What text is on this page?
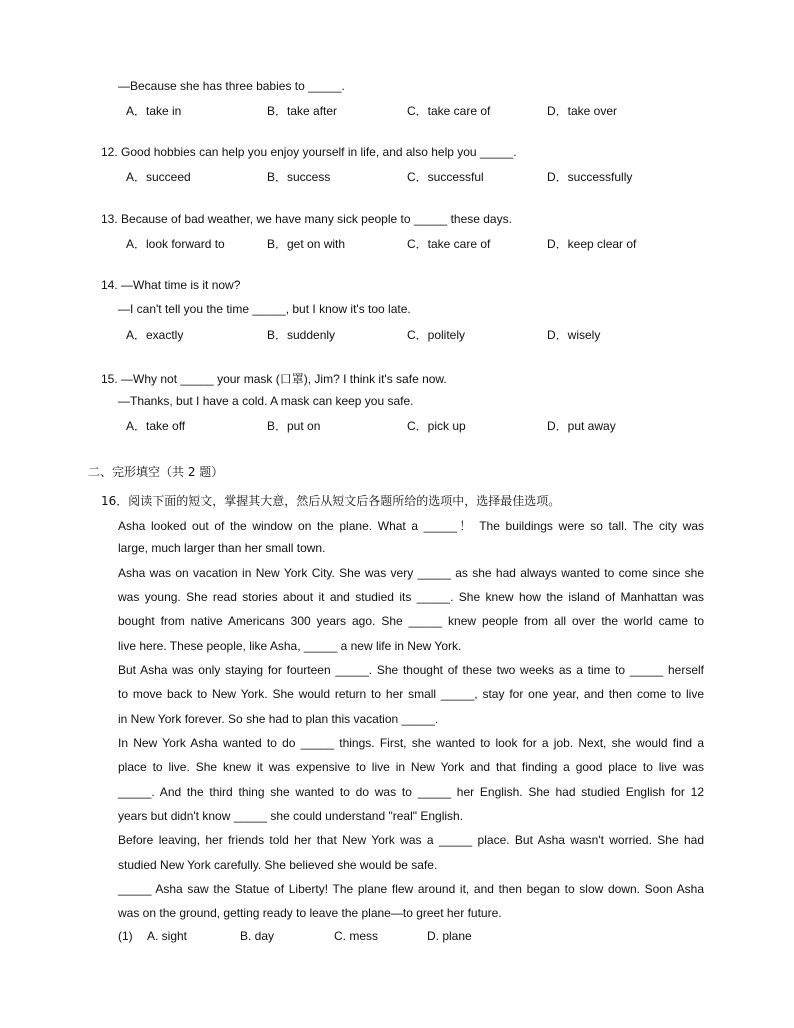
—Because she has three babies to _____.
A．take in	B．take after	C．take care of	D．take over
12. Good hobbies can help you enjoy yourself in life, and also help you _____.
A．succeed	B．success	C．successful	D．successfully
13. Because of bad weather, we have many sick people to _____ these days.
A．look forward to	B．get on with	C．take care of	D．keep clear of
14. —What time is it now?
—I can't tell you the time _____, but I know it's too late.
A．exactly	B．suddenly	C．politely	D．wisely
15. —Why not _____ your mask (口罩), Jim? I think it's safe now.
—Thanks, but I have a cold. A mask can keep you safe.
A．take off	B．put on	C．pick up	D．put away
二、完形填空（共 2 题）
16．阅读下面的短文，掌握其大意，然后从短文后各题所给的选项中，选择最佳选项。
Asha looked out of the window on the plane. What a _____！ The buildings were so tall. The city was
large, much larger than her small town.
Asha was on vacation in New York City. She was very _____ as she had always wanted to come since she
was young. She read stories about it and studied its _____. She knew how the island of Manhattan was
bought from native Americans 300 years ago. She _____ knew people from all over the world came to
live here. These people, like Asha, _____ a new life in New York.
But Asha was only staying for fourteen _____. She thought of these two weeks as a time to _____ herself
to move back to New York. She would return to her small _____, stay for one year, and then come to live
in New York forever. So she had to plan this vacation _____.
In New York Asha wanted to do _____ things. First, she wanted to look for a job. Next, she would find a
place to live. She knew it was expensive to live in New York and that finding a good place to live was
_____. And the third thing she wanted to do was to _____ her English. She had studied English for 12
years but didn't know _____ she could understand "real" English.
Before leaving, her friends told her that New York was a _____ place. But Asha wasn't worried. She had
studied New York carefully. She believed she would be safe.
_____ Asha saw the Statue of Liberty! The plane flew around it, and then began to slow down. Soon Asha
was on the ground, getting ready to leave the plane—to greet her future.
(1) A. sight	B. day	C. mess	D. plane
